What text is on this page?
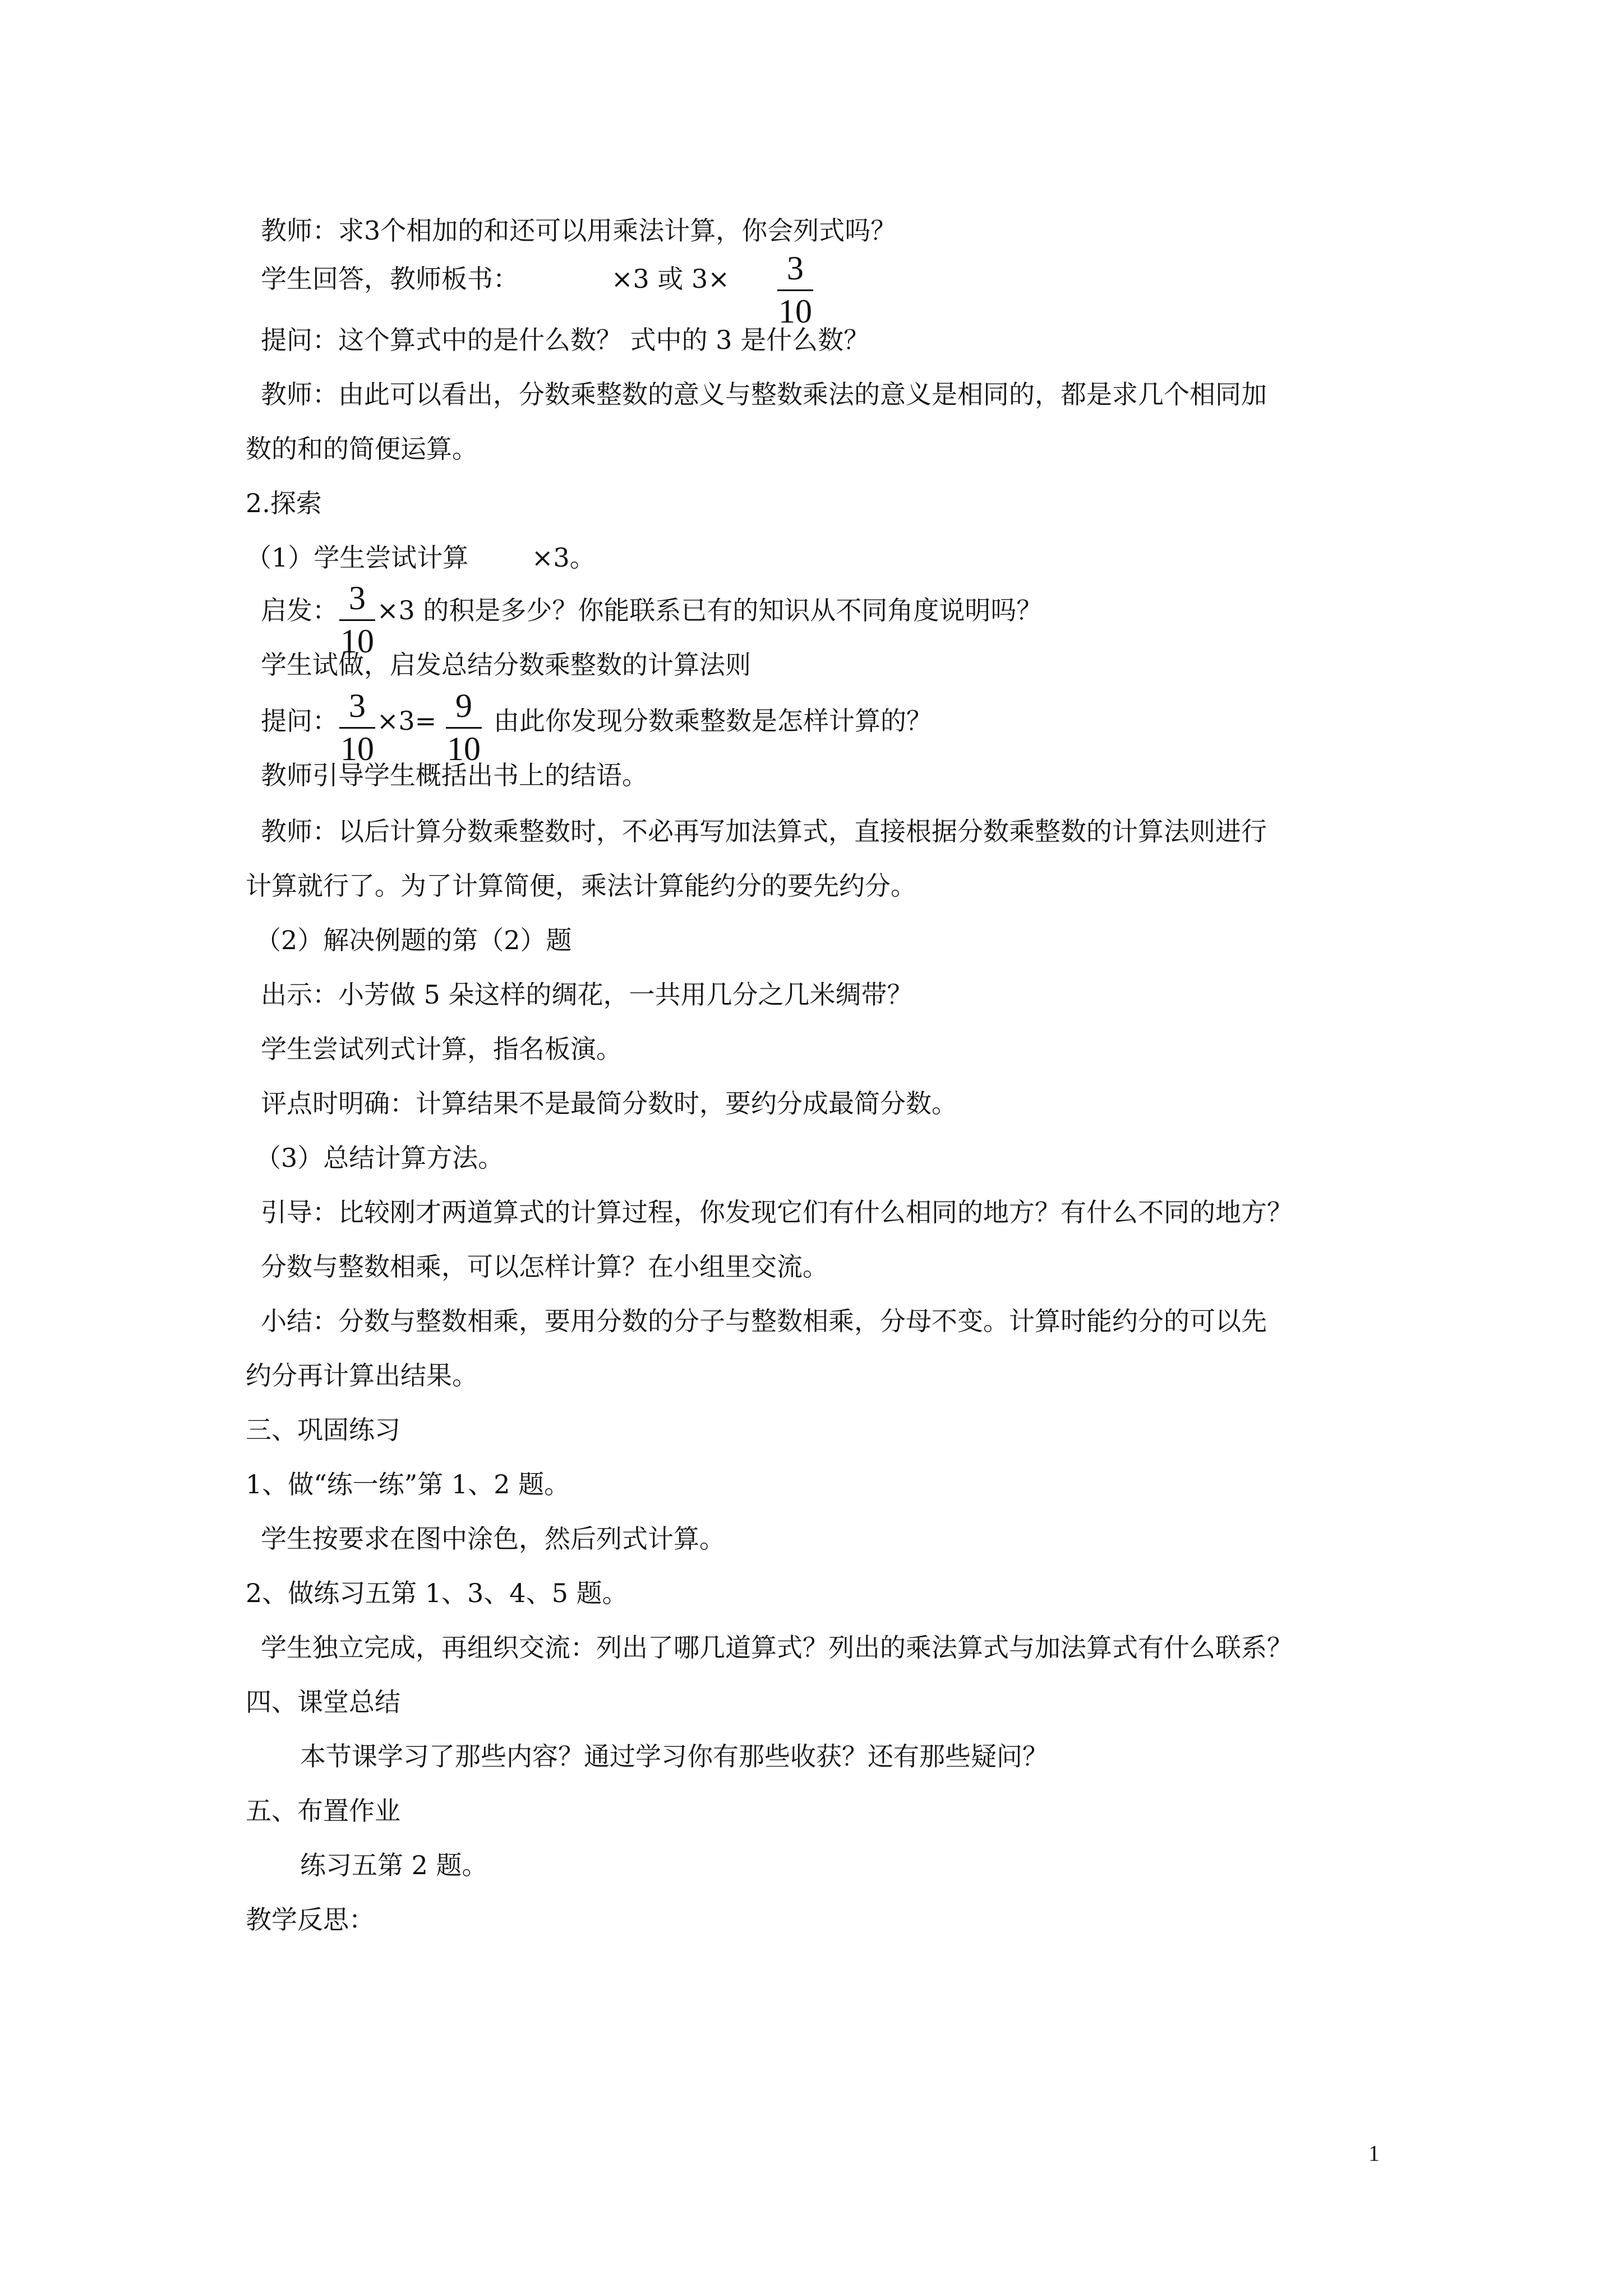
教师：求3个相加的和还可以用乘法计算，你会列式吗？
学生回答，教师板书：	×3 或 3× 3
10
提问：这个算式中的是什么数？ 式中的 3 是什么数？
教师：由此可以看出，分数乘整数的意义与整数乘法的意义是相同的，都是求几个相同加
数的和的简便运算。
2.探索
（1）学生尝试计算 ×3。
启发： 3
10
×3 的积是多少？你能联系已有的知识从不同角度说明吗？
学生试做，启发总结分数乘整数的计算法则
提问： 3
10
×3= 9
10
由此你发现分数乘整数是怎样计算的？
教师引导学生概括出书上的结语。
教师：以后计算分数乘整数时，不必再写加法算式，直接根据分数乘整数的计算法则进行
计算就行了。为了计算简便，乘法计算能约分的要先约分。
（2）解决例题的第（2）题
出示：小芳做 5 朵这样的绸花，一共用几分之几米绸带？
学生尝试列式计算，指名板演。
评点时明确：计算结果不是最简分数时，要约分成最简分数。
（3）总结计算方法。
引导：比较刚才两道算式的计算过程，你发现它们有什么相同的地方？有什么不同的地方？
分数与整数相乘，可以怎样计算？在小组里交流。
小结：分数与整数相乘，要用分数的分子与整数相乘，分母不变。计算时能约分的可以先
约分再计算出结果。
三、巩固练习
1、做“练一练”第 1、2 题。
学生按要求在图中涂色，然后列式计算。
2、做练习五第 1、3、4、5 题。
学生独立完成，再组织交流：列出了哪几道算式？列出的乘法算式与加法算式有什么联系？
四、课堂总结
本节课学习了那些内容？通过学习你有那些收获？还有那些疑问？
五、布置作业
练习五第 2 题。
教学反思：
1
